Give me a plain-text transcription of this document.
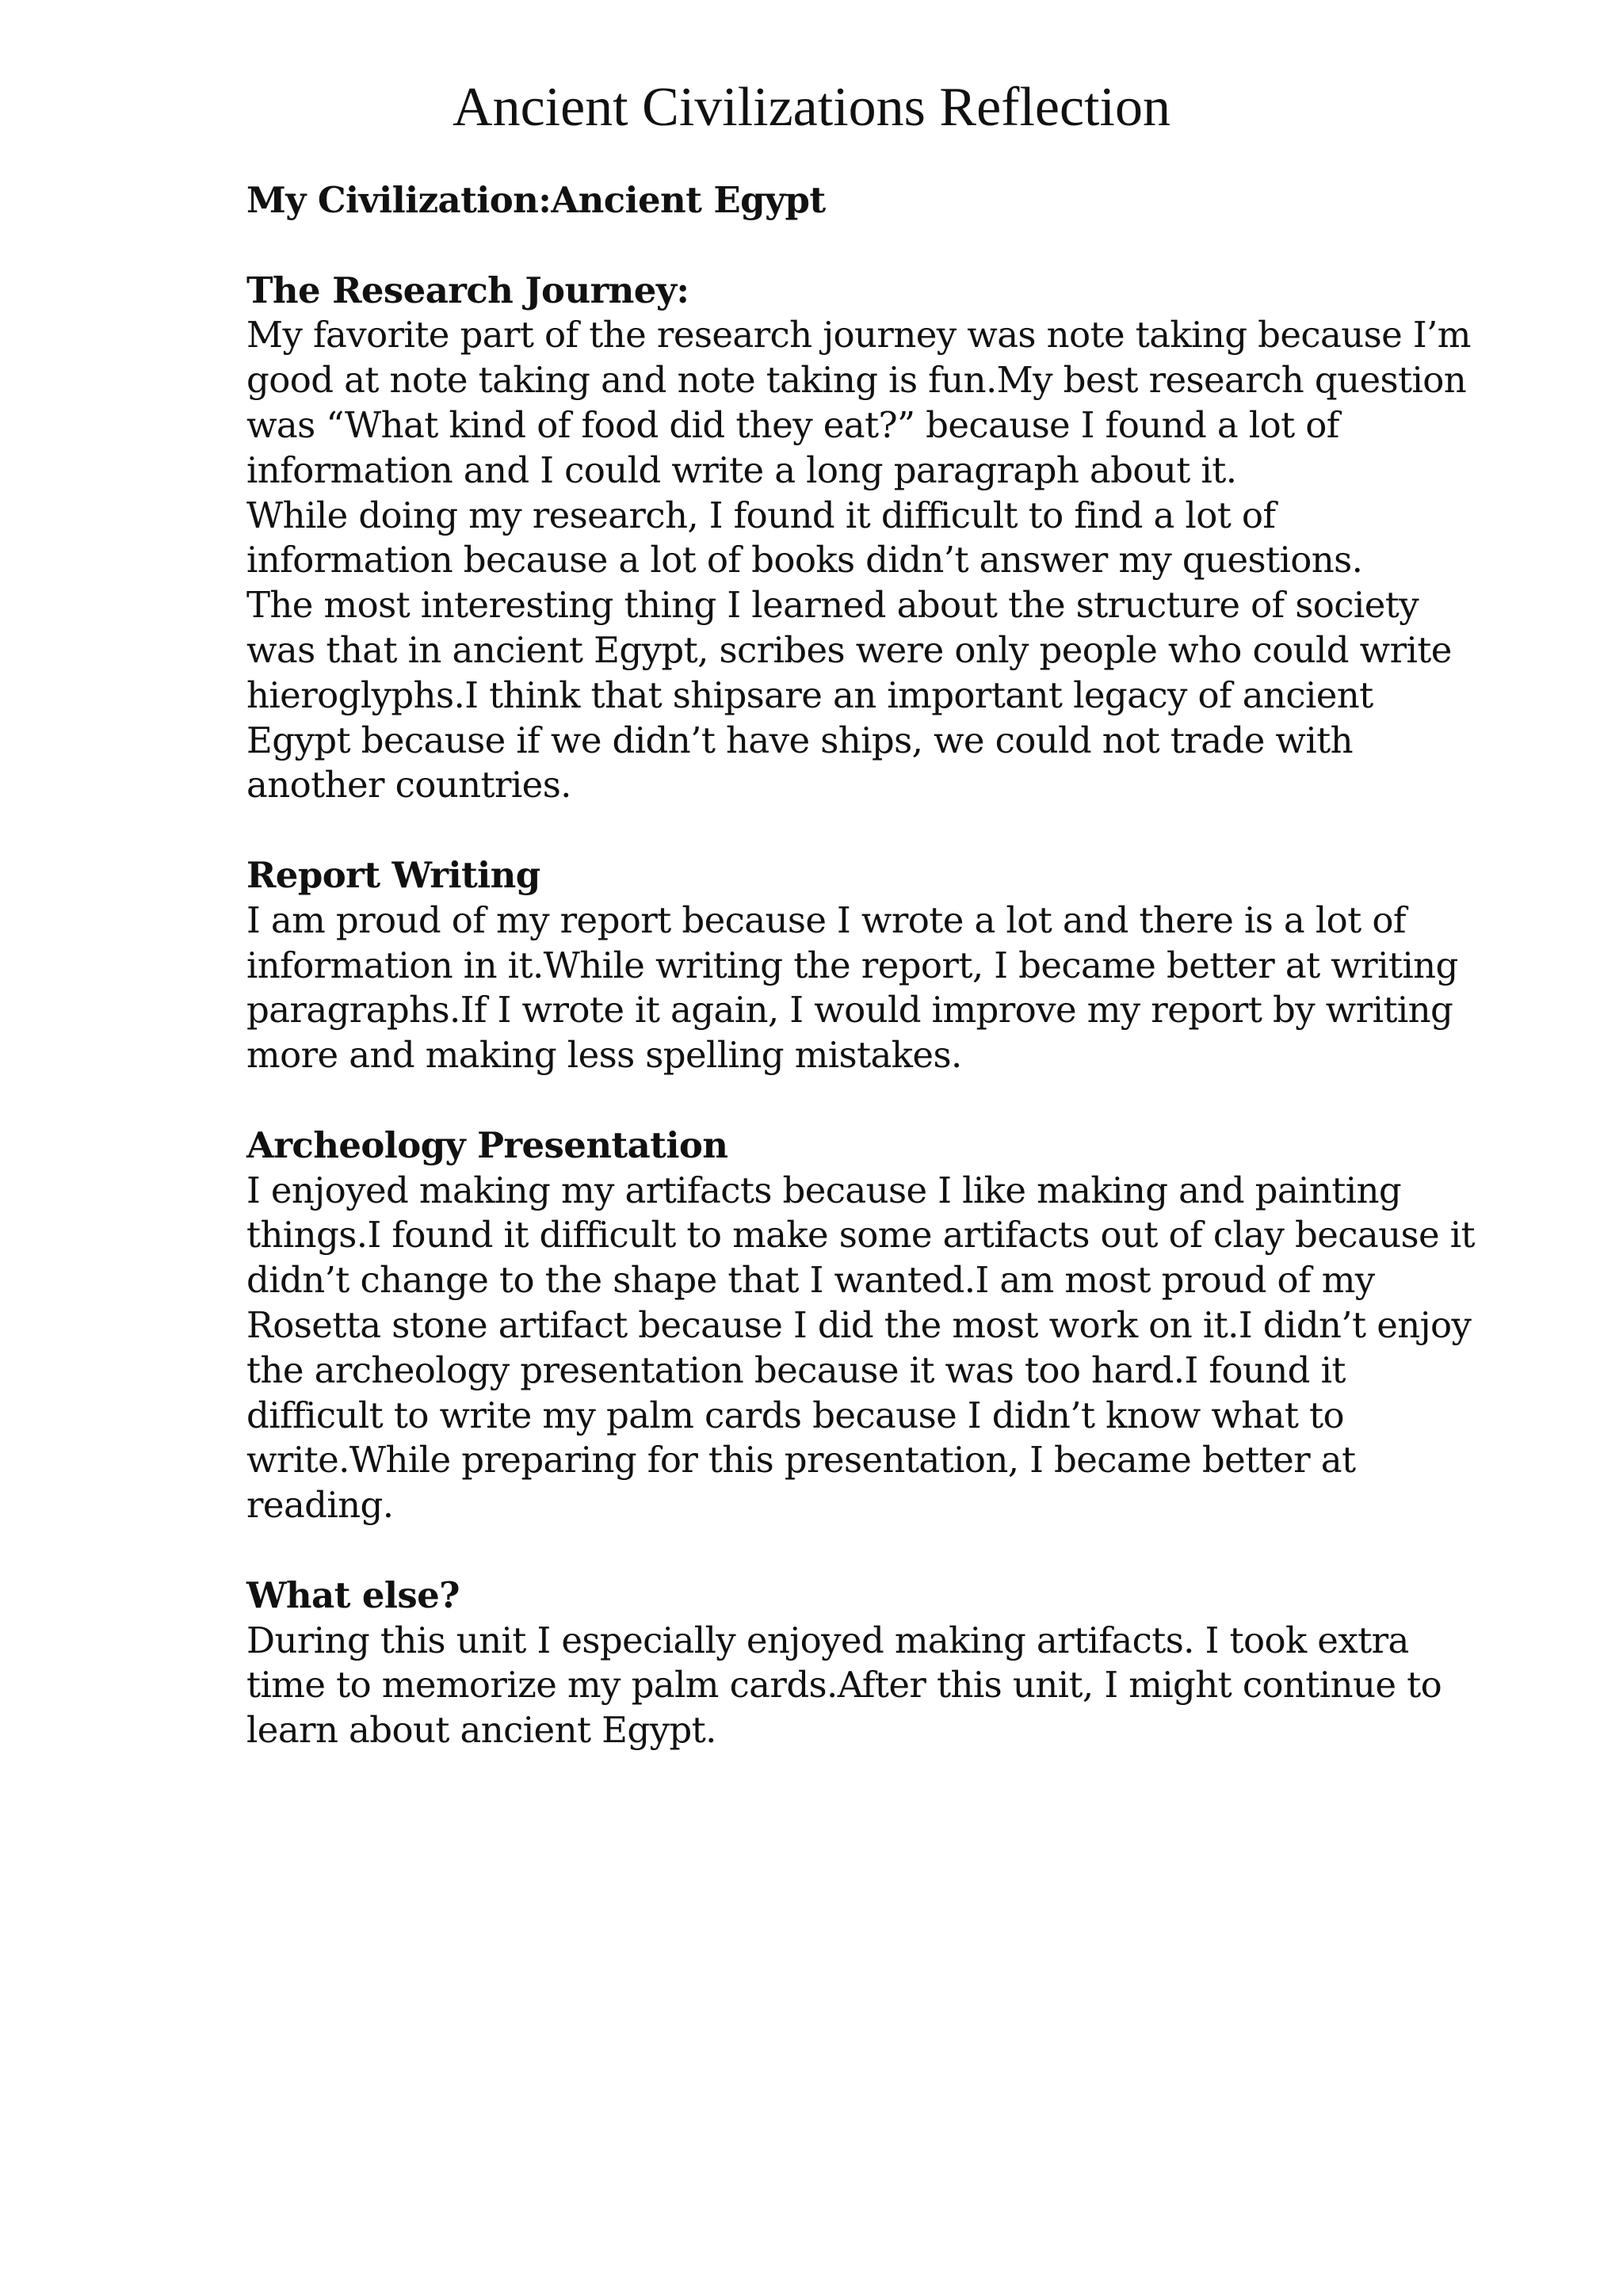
Ancient Civilizations Reflection
My Civilization:Ancient Egypt
The Research Journey:
My favorite part of the research journey was note taking because I’m
good at note taking and note taking is fun.My best research question
was “What kind of food did they eat?” because I found a lot of
information and I could write a long paragraph about it.
While doing my research, I found it difficult to find a lot of
information because a lot of books didn’t answer my questions.
The most interesting thing I learned about the structure of society
was that in ancient Egypt, scribes were only people who could write
hieroglyphs.I think that shipsare an important legacy of ancient
Egypt because if we didn’t have ships, we could not trade with
another countries.
Report Writing
I am proud of my report because I wrote a lot and there is a lot of
information in it.While writing the report, I became better at writing
paragraphs.If I wrote it again, I would improve my report by writing
more and making less spelling mistakes.
Archeology Presentation
I enjoyed making my artifacts because I like making and painting
things.I found it difficult to make some artifacts out of clay because it
didn’t change to the shape that I wanted.I am most proud of my
Rosetta stone artifact because I did the most work on it.I didn’t enjoy
the archeology presentation because it was too hard.I found it
difficult to write my palm cards because I didn’t know what to
write.While preparing for this presentation, I became better at
reading.
What else?
During this unit I especially enjoyed making artifacts. I took extra
time to memorize my palm cards.After this unit, I might continue to
learn about ancient Egypt.
